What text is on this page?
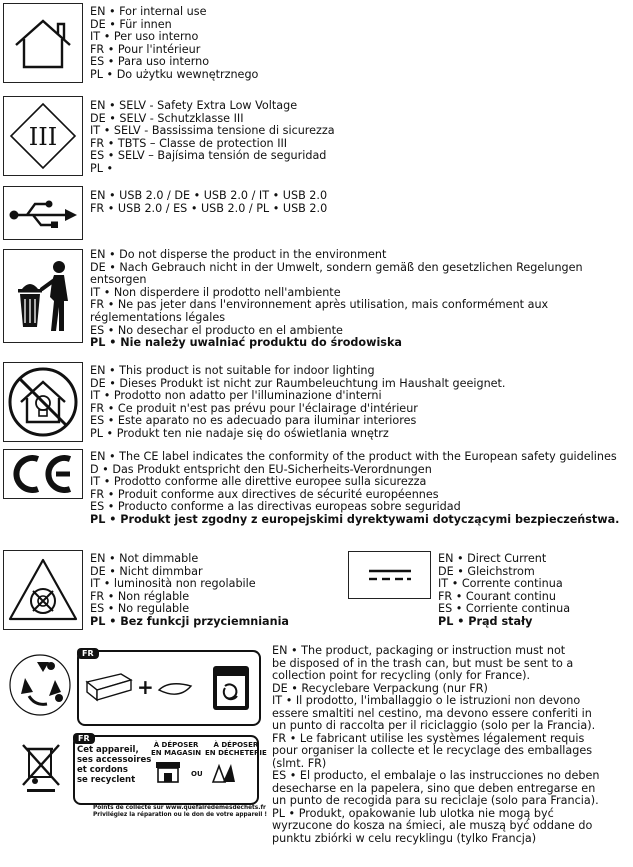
EN • For internal use
DE • Für innen
IT • Per uso interno
FR • Pour l'intérieur
ES • Para uso interno
PL • Do użytku wewnętrznego
III
EN • SELV - Safety Extra Low Voltage
DE • SELV - Schutzklasse III
IT • SELV - Bassissima tensione di sicurezza
FR • TBTS – Classe de protection III
ES • SELV – Bajísima tensión de seguridad
PL •
EN • USB 2.0 / DE • USB 2.0 / IT • USB 2.0
FR • USB 2.0 / ES • USB 2.0 / PL • USB 2.0
EN • Do not disperse the product in the environment
DE • Nach Gebrauch nicht in der Umwelt, sondern gemäß den gesetzlichen Regelungen
entsorgen
IT • Non disperdere il prodotto nell'ambiente
FR • Ne pas jeter dans l'environnement après utilisation, mais conformément aux
réglementations légales
ES • No desechar el producto en el ambiente
PL • Nie należy uwalniać produktu do środowiska
EN • This product is not suitable for indoor lighting
DE • Dieses Produkt ist nicht zur Raumbeleuchtung im Haushalt geeignet.
IT • Prodotto non adatto per l'illuminazione d'interni
FR • Ce produit n'est pas prévu pour l'éclairage d'intérieur
ES • Este aparato no es adecuado para iluminar interiores
PL • Produkt ten nie nadaje się do oświetlania wnętrz
EN • The CE label indicates the conformity of the product with the European safety guidelines
D • Das Produkt entspricht den EU-Sicherheits-Verordnungen
IT • Prodotto conforme alle direttive europee sulla sicurezza
FR • Produit conforme aux directives de sécurité européennes
ES • Producto conforme a las directivas europeas sobre seguridad
PL • Produkt jest zgodny z europejskimi dyrektywami dotyczącymi bezpieczeństwa.
EN • Not dimmable
DE • Nicht dimmbar
IT • luminosità non regolabile
FR • Non réglable
ES • No regulable
PL • Bez funkcji przyciemniania
EN • Direct Current
DE • Gleichstrom
IT • Corrente continua
FR • Courant continu
ES • Corriente continua
PL • Prąd stały
FR
+
FR
Cet appareil,
ses accessoires
et cordons
se recyclent
À DÉPOSER
EN MAGASIN
OU
À DÉPOSER
EN DÉCHETERIE
Points de collecte sur www.quefairedemesdechets.fr
Privilégiez la réparation ou le don de votre appareil !
EN • The product, packaging or instruction must not
be disposed of in the trash can, but must be sent to a
collection point for recycling (only for France).
DE • Recyclebare Verpackung (nur FR)
IT • Il prodotto, l'imballaggio o le istruzioni non devono
essere smaltiti nel cestino, ma devono essere conferiti in
un punto di raccolta per il riciclaggio (solo per la Francia).
FR • Le fabricant utilise les systèmes légalement requis
pour organiser la collecte et le recyclage des emballages
(slmt. FR)
ES • El producto, el embalaje o las instrucciones no deben
desecharse en la papelera, sino que deben entregarse en
un punto de recogida para su reciclaje (solo para Francia).
PL • Produkt, opakowanie lub ulotka nie mogą być
wyrzucone do kosza na śmieci, ale muszą być oddane do
punktu zbiórki w celu recyklingu (tylko Francja)
